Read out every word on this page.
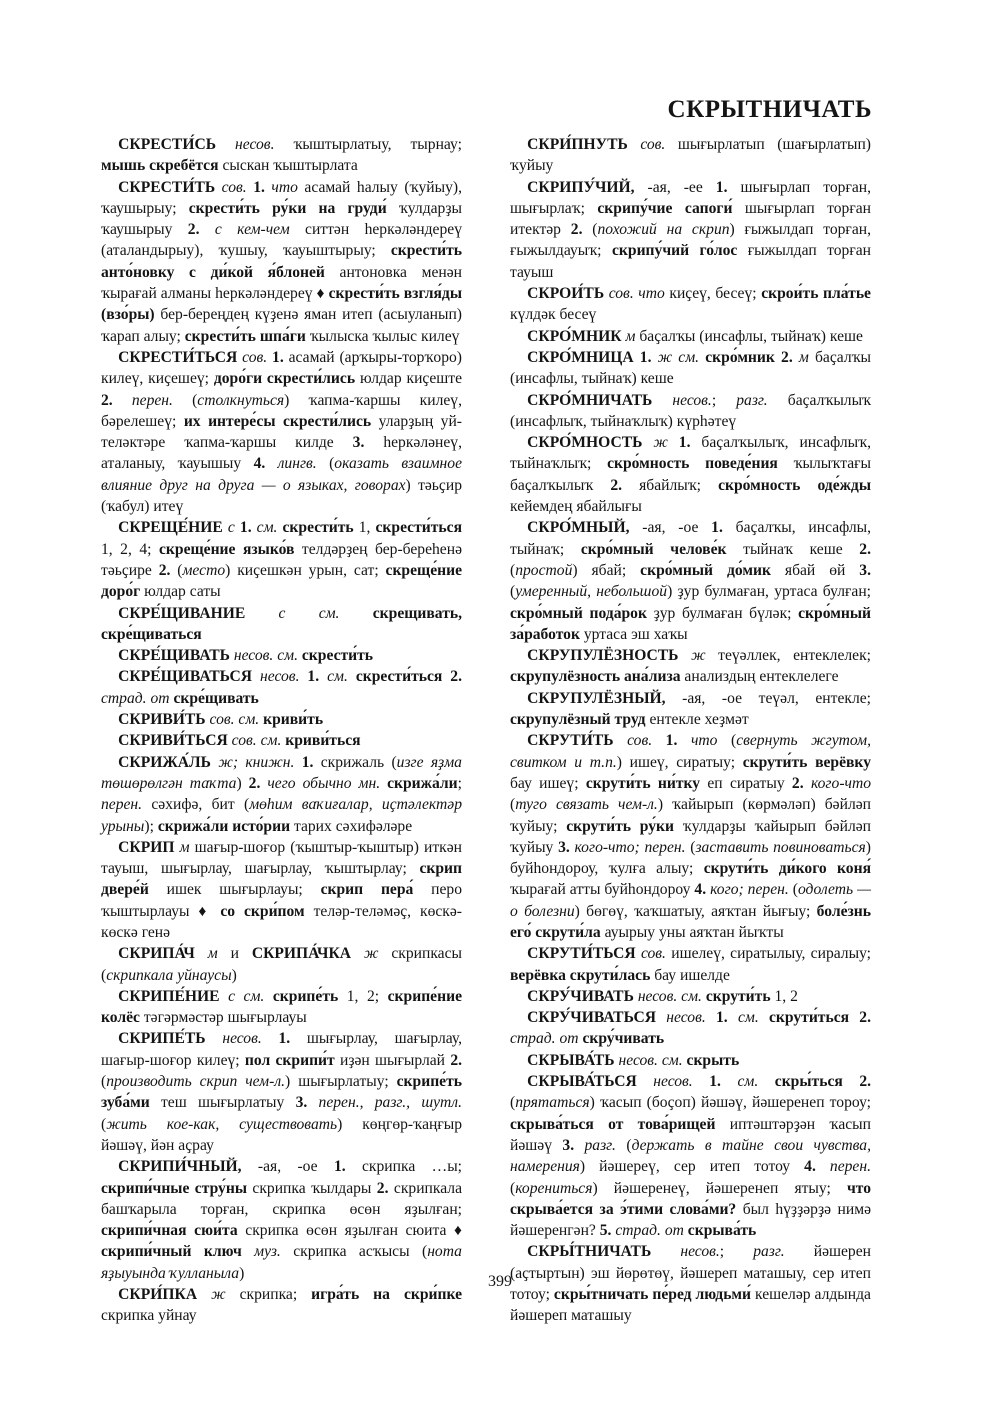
СКРЫТНИЧАТЬ

СКРЕСТИ́СЬ несов. ҡыштырлатыу, тырнау; мышь скребётся сыскан ҡыштырлата

СКРЕСТИ́ТЬ сов. 1. что асамай һалыу (ҡуйыу), ҡаушырыу; скрести́ть ру́ки на груди́ ҡулдарҙы ҡаушырыу 2. с кем-чем ситтән һеркәләндереү (аталандырыу), ҡушыу, ҡауыштырыу; скрести́ть анто́новку с ди́кой я́блоней антоновка менән ҡырағай алманы һеркәләндереү ♦ скрести́ть взгля́ды (взо́ры) бер-береңдең күҙенә яман итеп (асыуланып) ҡарап алыу; скрести́ть шпа́ги ҡылыска ҡылыс килеү

СКРЕСТИ́ТЬСЯ сов. 1. асамай (арҡыры-торҡоро) килеү, киҫешеү; доро́ги скрести́лись юлдар киҫеште 2. перен. (столкнуться) ҡапма-ҡаршы килеү, бәрелешеү; их интере́сы скрести́лись уларҙың уй-теләктәре ҡапма-ҡаршы килде 3. һеркәләнеү, аталаныу, ҡауышыу 4. лингв. (оказать взаимное влияние друг на друга — о языках, говорах) тәьҫир (ҡабул) итеү

СКРЕЩЕ́НИЕ с 1. см. скрести́ть 1, скрести́ться 1, 2, 4; скреще́ние языко́в телдәрҙең бер-береһенә тәьҫире 2. (место) киҫешкән урын, сат; скреще́ние доро́г юлдар саты

СКРЕ́ЩИВАНИЕ с см. скрещивать, скре́щиваться

СКРЕ́ЩИВАТЬ несов. см. скрести́ть

СКРЕ́ЩИВАТЬСЯ несов. 1. см. скрести́ться 2. страд. от скре́щивать

СКРИВИ́ТЬ сов. см. криви́ть

СКРИВИ́ТЬСЯ сов. см. криви́ться

СКРИЖА́ЛЬ ж; книжн. 1. скрижаль (изге яҙма төшөрөлгән таҡта) 2. чего обычно мн. скрижа́ли; перен. сәхифә, бит (мөһим ваҡиғалар, иҫтәлектәр урыны); скрижа́ли исто́рии тарих сәхифәләре

СКРИП м шағыр-шоғор (ҡыштыр-ҡыштыр) иткән тауыш, шығырлау, шағырлау, ҡыштырлау; скрип двере́й ишек шығырлауы; скрип пера́ перо ҡыштырлауы ♦ со скри́пом теләр-теләмәҫ, көскә-көскә генә

СКРИПА́Ч м и СКРИПА́ЧКА ж скрипкасы (скрипкала уйнаусы)

СКРИПЕ́НИЕ с см. скрипе́ть 1, 2; скрипе́ние колёс тәгәрмәстәр шығырлауы

СКРИПЕ́ТЬ несов. 1. шығырлау, шағырлау, шағыр-шоғор килеү; пол скрипи́т иҙән шығырлай 2. (производить скрип чем-л.) шығырлатыу; скрипе́ть зуба́ми теш шығырлатыу 3. перен., разг., шутл. (жить кое-как, существовать) көңгөр-ҡаңғыр йәшәү, йән аҫрау

СКРИПИ́ЧНЫЙ, -ая, -ое 1. скрипка …ы; скрипи́чные стру́ны скрипка ҡылдары 2. скрипкала башҡарыла торған, скрипка өсөн яҙылған; скрипи́чная сюи́та скрипка өсөн яҙылған сюита ♦ скрипи́чный ключ муз. скрипка асҡысы (нота яҙыуында ҡулланыла)

СКРИ́ПКА ж скрипка; игра́ть на скри́пке скрипка уйнау

СКРИ́ПНУТЬ сов. шығырлатып (шағырлатып) ҡуйыу

СКРИПУ́ЧИЙ, -ая, -ее 1. шығырлап торған, шығырлаҡ; скрипу́чие сапоги́ шығырлап торған итектәр 2. (похожий на скрип) ғыжылдап торған, ғыжылдауыҡ; скрипу́чий го́лос ғыжылдап торған тауыш

СКРОИ́ТЬ сов. что киҫеү, бесеү; скрои́ть пла́тье күлдәк бесеү

СКРО́МНИК м баҫалҡы (инсафлы, тыйнаҡ) кеше

СКРО́МНИЦА 1. ж см. скро́мник 2. м баҫалҡы (инсафлы, тыйнаҡ) кеше

СКРО́МНИЧАТЬ несов.; разг. баҫалҡылыҡ (инсафлыҡ, тыйнаҡлыҡ) күрһәтеү

СКРО́МНОСТЬ ж 1. баҫалҡылыҡ, инсафлыҡ, тыйнаҡлыҡ; скро́мность поведе́ния ҡылыҡтағы баҫалҡылыҡ 2. ябайлыҡ; скро́мность оде́жды кейемдең ябайлығы

СКРО́МНЫЙ, -ая, -ое 1. баҫалҡы, инсафлы, тыйнаҡ; скро́мный челове́к тыйнаҡ кеше 2. (простой) ябай; скро́мный до́мик ябай өй 3. (умеренный, небольшой) ҙур булмаған, уртаса булған; скро́мный пода́рок ҙур булмаған бүләк; скро́мный за́работок уртаса эш хаҡы

СКРУПУЛЁЗНОСТЬ ж теүәллек, ентеклелек; скрупулёзность ана́лиза анализдың ентеклелеге

СКРУПУЛЁЗНЫЙ, -ая, -ое теүәл, ентекле; скрупулёзный труд ентекле хеҙмәт

СКРУТИ́ТЬ сов. 1. что (свернуть жгутом, свитком и т.п.) ишеү, сиратыу; скрути́ть верёвку бау ишеү; скрути́ть ни́тку еп сиратыу 2. кого-что (туго связать чем-л.) ҡайырып (көрмәләп) бәйләп ҡуйыу; скрути́ть ру́ки ҡулдарҙы ҡайырып бәйләп ҡуйыу 3. кого-что; перен. (заставить повиноваться) буйһондороу, ҡулға алыу; скрути́ть ди́кого коня́ ҡырағай атты буйһондороу 4. кого; перен. (одолеть — о болезни) бөгөү, ҡаҡшатыу, аяҡтан йығыу; боле́знь его́ скрути́ла ауырыу уны аяҡтан йыҡты

СКРУТИ́ТЬСЯ сов. ишелеү, сиратылыу, сиралыу; верёвка скрути́лась бау ишелде

СКРУ́ЧИВАТЬ несов. см. скрути́ть 1, 2

СКРУ́ЧИВАТЬСЯ несов. 1. см. скрути́ться 2. страд. от скру́чивать

СКРЫВА́ТЬ несов. см. скрыть

СКРЫВА́ТЬСЯ несов. 1. см. скры́ться 2. (прятаться) ҡасып (боҫоп) йәшәү, йәшеренеп тороу; скрыва́ться от това́рищей иптәштәрҙән ҡасып йәшәү 3. разг. (держать в тайне свои чувства, намерения) йәшереү, сер итеп тотоу 4. перен. (корениться) йәшеренеү, йәшеренеп ятыу; что скрыва́ется за э́тими слова́ми? был һүҙҙәрҙә нимә йәшеренгән? 5. страд. от скрыва́ть

СКРЫ́ТНИЧАТЬ несов.; разг. йәшерен (аҫтыртын) эш йөрөтөү, йәшереп маташыу, сер итеп тотоу; скры́тничать пе́ред людьми́ кешеләр алдында йәшереп маташыу

399
